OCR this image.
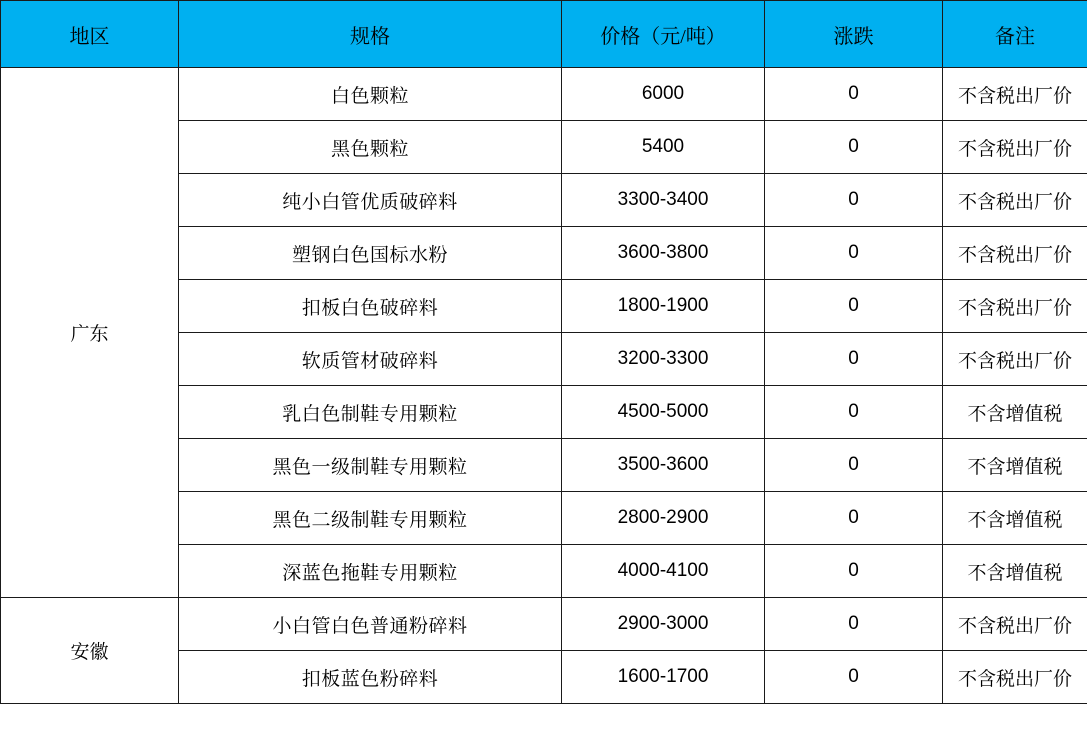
地区	规格	价格（元/吨）	涨跌	备注
广东	白色颗粒	6000	0	不含税出厂价
	黑色颗粒	5400	0	不含税出厂价
	纯小白管优质破碎料	3300-3400	0	不含税出厂价
	塑钢白色国标水粉	3600-3800	0	不含税出厂价
	扣板白色破碎料	1800-1900	0	不含税出厂价
	软质管材破碎料	3200-3300	0	不含税出厂价
	乳白色制鞋专用颗粒	4500-5000	0	不含增值税
	黑色一级制鞋专用颗粒	3500-3600	0	不含增值税
	黑色二级制鞋专用颗粒	2800-2900	0	不含增值税
	深蓝色拖鞋专用颗粒	4000-4100	0	不含增值税
安徽	小白管白色普通粉碎料	2900-3000	0	不含税出厂价
	扣板蓝色粉碎料	1600-1700	0	不含税出厂价
